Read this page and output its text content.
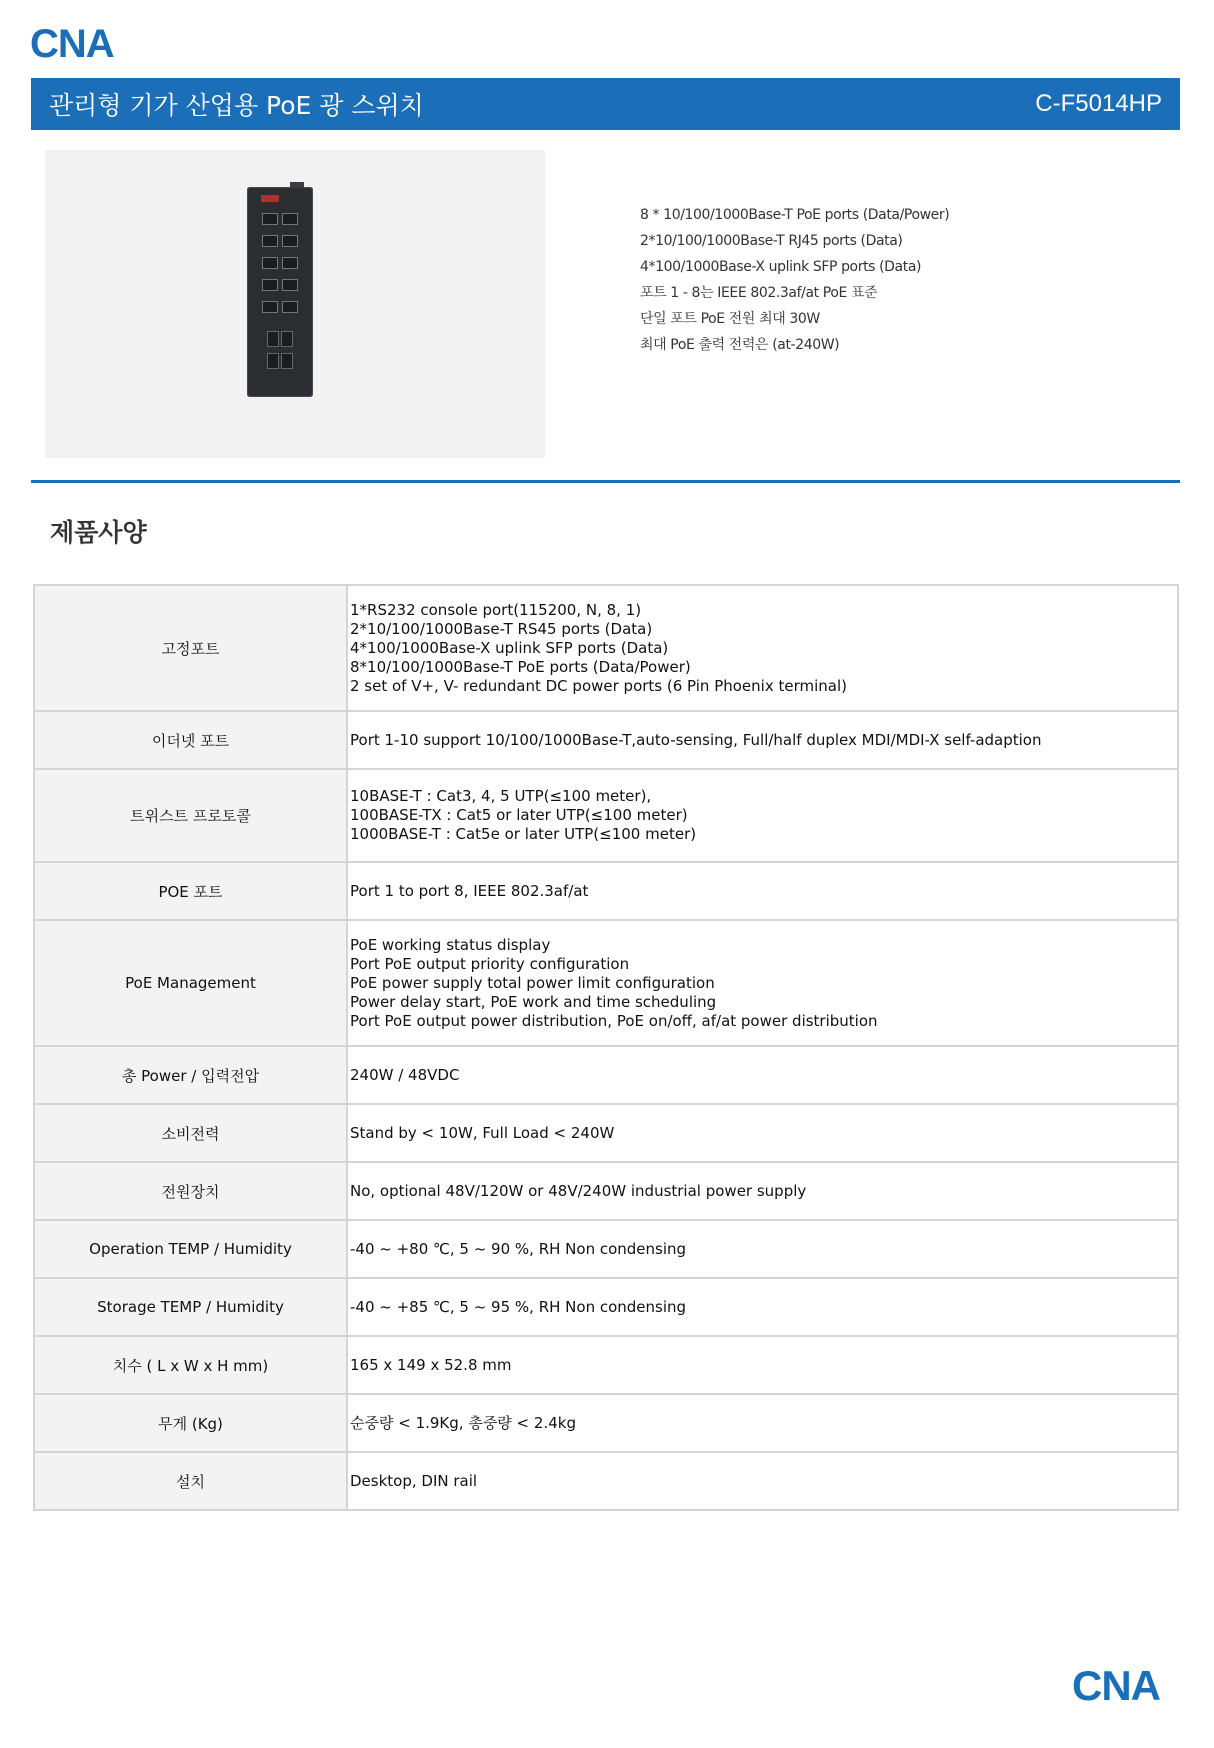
CNA
관리형 기가 산업용 PoE 광 스위치	C-F5014HP
8 * 10/100/1000Base-T PoE ports (Data/Power)
2*10/100/1000Base-T RJ45 ports (Data)
4*100/1000Base-X uplink SFP ports (Data)
포트 1 - 8는 IEEE 802.3af/at PoE 표준
단일 포트 PoE 전원 최대 30W
최대 PoE 출력 전력은 (at-240W)
제품사양
고정포트	1*RS232 console port(115200, N, 8, 1)
2*10/100/1000Base-T RS45 ports (Data)
4*100/1000Base-X uplink SFP ports (Data)
8*10/100/1000Base-T PoE ports (Data/Power)
2 set of V+, V- redundant DC power ports (6 Pin Phoenix terminal)

이더넷 포트	Port 1-10 support 10/100/1000Base-T,auto-sensing, Full/half duplex MDI/MDI-X self-adaption

트위스트 프로토콜	10BASE-T : Cat3, 4, 5 UTP(≤100 meter),
100BASE-TX : Cat5 or later UTP(≤100 meter)
1000BASE-T : Cat5e or later UTP(≤100 meter)

POE 포트	Port 1 to port 8, IEEE 802.3af/at

PoE Management	PoE working status display
Port PoE output priority configuration
PoE power supply total power limit configuration
Power delay start, PoE work and time scheduling
Port PoE output power distribution, PoE on/off, af/at power distribution

총 Power / 입력전압	240W / 48VDC

소비전력	Stand by < 10W, Full Load < 240W

전원장치	No, optional 48V/120W or 48V/240W industrial power supply

Operation TEMP / Humidity	-40 ~ +80 ℃, 5 ~ 90 %, RH Non condensing

Storage TEMP / Humidity	-40 ~ +85 ℃, 5 ~ 95 %, RH Non condensing

치수 ( L x W x H mm)	165 x 149 x 52.8 mm

무게 (Kg)	순중량 < 1.9Kg, 총중량 < 2.4kg

설치	Desktop, DIN rail
CNA
